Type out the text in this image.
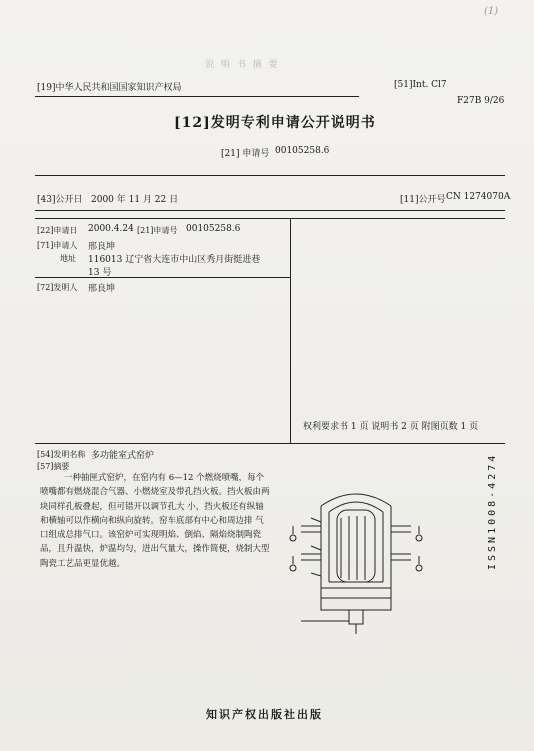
(1)
说 明 书 摘 要
[19]中华人民共和国国家知识产权局	[51]Int. Cl7
F27B 9/26
[12]发明专利申请公开说明书
[21] 申请号 00105258.6
[43]公开日 2000 年 11 月 22 日	[11]公开号 CN 1274070A
[22]申请日 2000.4.24 [21]申请号 00105258.6
[71]申请人 邢良坤
地址 116013 辽宁省大连市中山区秀月街挺进巷
13 号
[72]发明人 邢良坤
权利要求书 1 页 说明书 2 页 附图页数 1 页
[54]发明名称 多功能室式窑炉
[57]摘要
一种抽匣式窑炉，在窑内有 6—12 个燃烧喷嘴，每个喷嘴都有燃烧混合气器、小燃烧室及带孔挡火板。挡火板由两块同样孔板叠起，但可错开以调节孔大 小，挡火板还有纵轴和横轴可以作横向和纵向旋转。窑车底部有中心和周边排 气口组成总排气口。该窑炉可实现明焰、倒焰、隔焰烧制陶瓷品，且升温快，炉温均匀，进出气量大，操作简便，烧制大型陶瓷工艺品更显优越。	ISSN1008-4274
知识产权出版社出版
